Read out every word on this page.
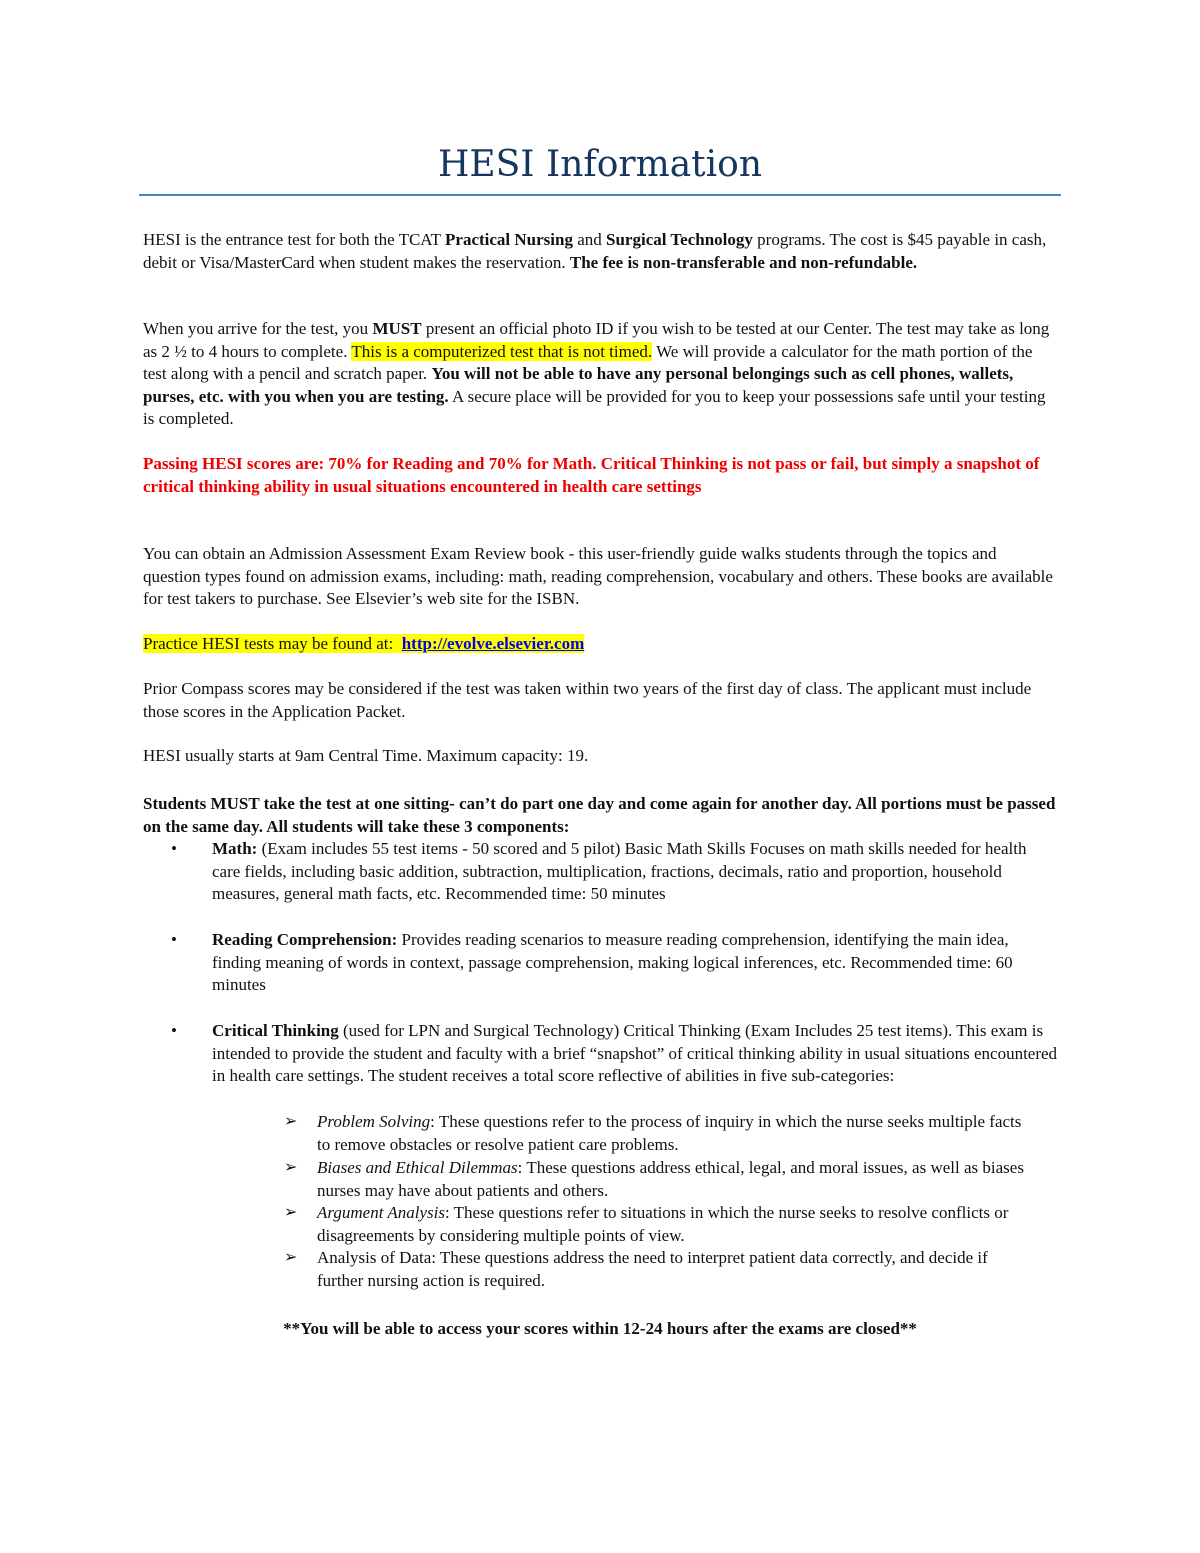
HESI Information

HESI is the entrance test for both the TCAT Practical Nursing and Surgical Technology programs. The cost is $45 payable in cash, debit or Visa/MasterCard when student makes the reservation. The fee is non-transferable and non-refundable.

When you arrive for the test, you MUST present an official photo ID if you wish to be tested at our Center. The test may take as long as 2 ½ to 4 hours to complete. This is a computerized test that is not timed. We will provide a calculator for the math portion of the test along with a pencil and scratch paper. You will not be able to have any personal belongings such as cell phones, wallets, purses, etc. with you when you are testing. A secure place will be provided for you to keep your possessions safe until your testing is completed.

Passing HESI scores are: 70% for Reading and 70% for Math. Critical Thinking is not pass or fail, but simply a snapshot of critical thinking ability in usual situations encountered in health care settings

You can obtain an Admission Assessment Exam Review book - this user-friendly guide walks students through the topics and question types found on admission exams, including: math, reading comprehension, vocabulary and others. These books are available for test takers to purchase. See Elsevier’s web site for the ISBN.

Practice HESI tests may be found at: http://evolve.elsevier.com

Prior Compass scores may be considered if the test was taken within two years of the first day of class. The applicant must include those scores in the Application Packet.

HESI usually starts at 9am Central Time. Maximum capacity: 19.

Students MUST take the test at one sitting- can’t do part one day and come again for another day. All portions must be passed on the same day. All students will take these 3 components:

• Math: (Exam includes 55 test items - 50 scored and 5 pilot) Basic Math Skills Focuses on math skills needed for health care fields, including basic addition, subtraction, multiplication, fractions, decimals, ratio and proportion, household measures, general math facts, etc. Recommended time: 50 minutes
• Reading Comprehension: Provides reading scenarios to measure reading comprehension, identifying the main idea, finding meaning of words in context, passage comprehension, making logical inferences, etc. Recommended time: 60 minutes
• Critical Thinking (used for LPN and Surgical Technology) Critical Thinking (Exam Includes 25 test items). This exam is intended to provide the student and faculty with a brief “snapshot” of critical thinking ability in usual situations encountered in health care settings. The student receives a total score reflective of abilities in five sub-categories:
➢ Problem Solving: These questions refer to the process of inquiry in which the nurse seeks multiple facts to remove obstacles or resolve patient care problems.
➢ Biases and Ethical Dilemmas: These questions address ethical, legal, and moral issues, as well as biases nurses may have about patients and others.
➢ Argument Analysis: These questions refer to situations in which the nurse seeks to resolve conflicts or disagreements by considering multiple points of view.
➢ Analysis of Data: These questions address the need to interpret patient data correctly, and decide if further nursing action is required.
**You will be able to access your scores within 12-24 hours after the exams are closed**
